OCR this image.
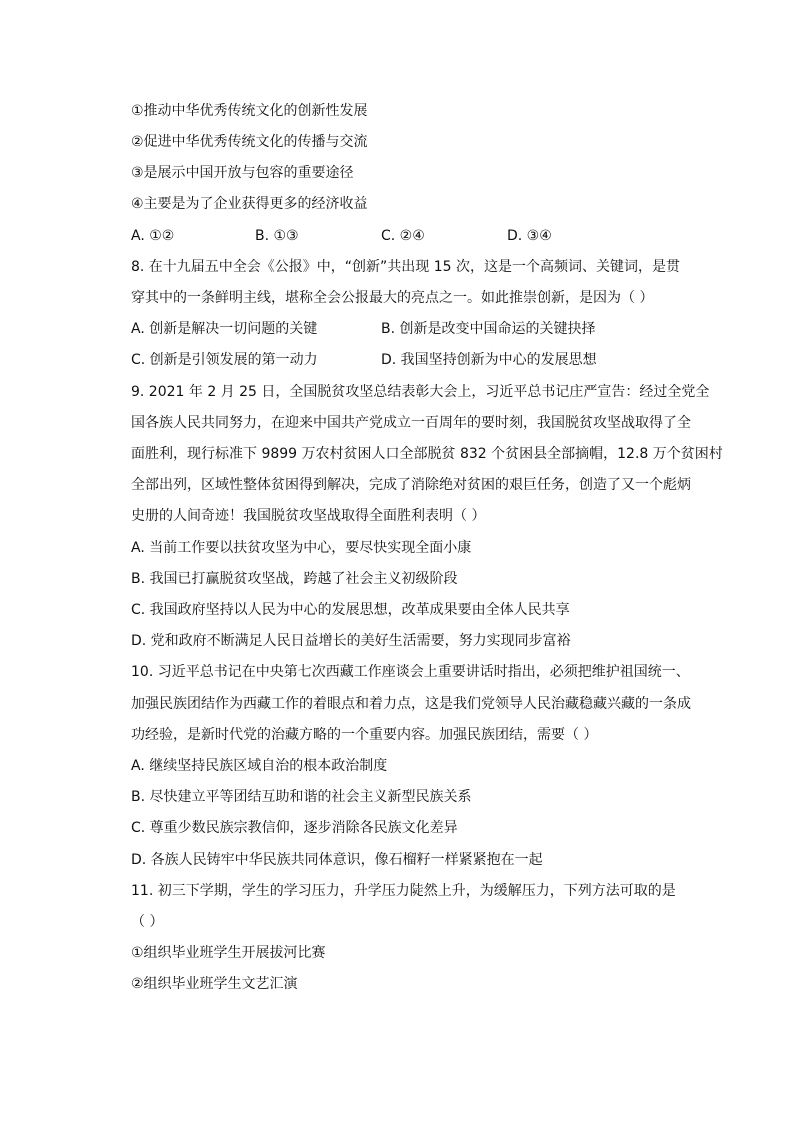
①推动中华优秀传统文化的创新性发展
②促进中华优秀传统文化的传播与交流
③是展示中国开放与包容的重要途径
④主要是为了企业获得更多的经济收益
A. ①②	B. ①③	C. ②④	D. ③④
8. 在十九届五中全会《公报》中，“创新”共出现 15 次，这是一个高频词、关键词，是贯
穿其中的一条鲜明主线，堪称全会公报最大的亮点之一。如此推崇创新，是因为（ ）
A. 创新是解决一切问题的关键	B. 创新是改变中国命运的关键抉择
C. 创新是引领发展的第一动力	D. 我国坚持创新为中心的发展思想
9. 2021 年 2 月 25 日，全国脱贫攻坚总结表彰大会上，习近平总书记庄严宣告：经过全党全
国各族人民共同努力，在迎来中国共产党成立一百周年的要时刻，我国脱贫攻坚战取得了全
面胜利，现行标准下 9899 万农村贫困人口全部脱贫 832 个贫困县全部摘帽，12.8 万个贫困村
全部出列，区域性整体贫困得到解决，完成了消除绝对贫困的艰巨任务，创造了又一个彪炳
史册的人间奇迹！我国脱贫攻坚战取得全面胜利表明（ ）
A. 当前工作要以扶贫攻坚为中心，要尽快实现全面小康
B. 我国已打赢脱贫攻坚战，跨越了社会主义初级阶段
C. 我国政府坚持以人民为中心的发展思想，改革成果要由全体人民共享
D. 党和政府不断满足人民日益增长的美好生活需要，努力实现同步富裕
10. 习近平总书记在中央第七次西藏工作座谈会上重要讲话时指出，必须把维护祖国统一、
加强民族团结作为西藏工作的着眼点和着力点，这是我们党领导人民治藏稳藏兴藏的一条成
功经验，是新时代党的治藏方略的一个重要内容。加强民族团结，需要（ ）
A. 继续坚持民族区域自治的根本政治制度
B. 尽快建立平等团结互助和谐的社会主义新型民族关系
C. 尊重少数民族宗教信仰，逐步消除各民族文化差异
D. 各族人民铸牢中华民族共同体意识，像石榴籽一样紧紧抱在一起
11. 初三下学期，学生的学习压力，升学压力陡然上升，为缓解压力，下列方法可取的是
（ ）
①组织毕业班学生开展拔河比赛
②组织毕业班学生文艺汇演
